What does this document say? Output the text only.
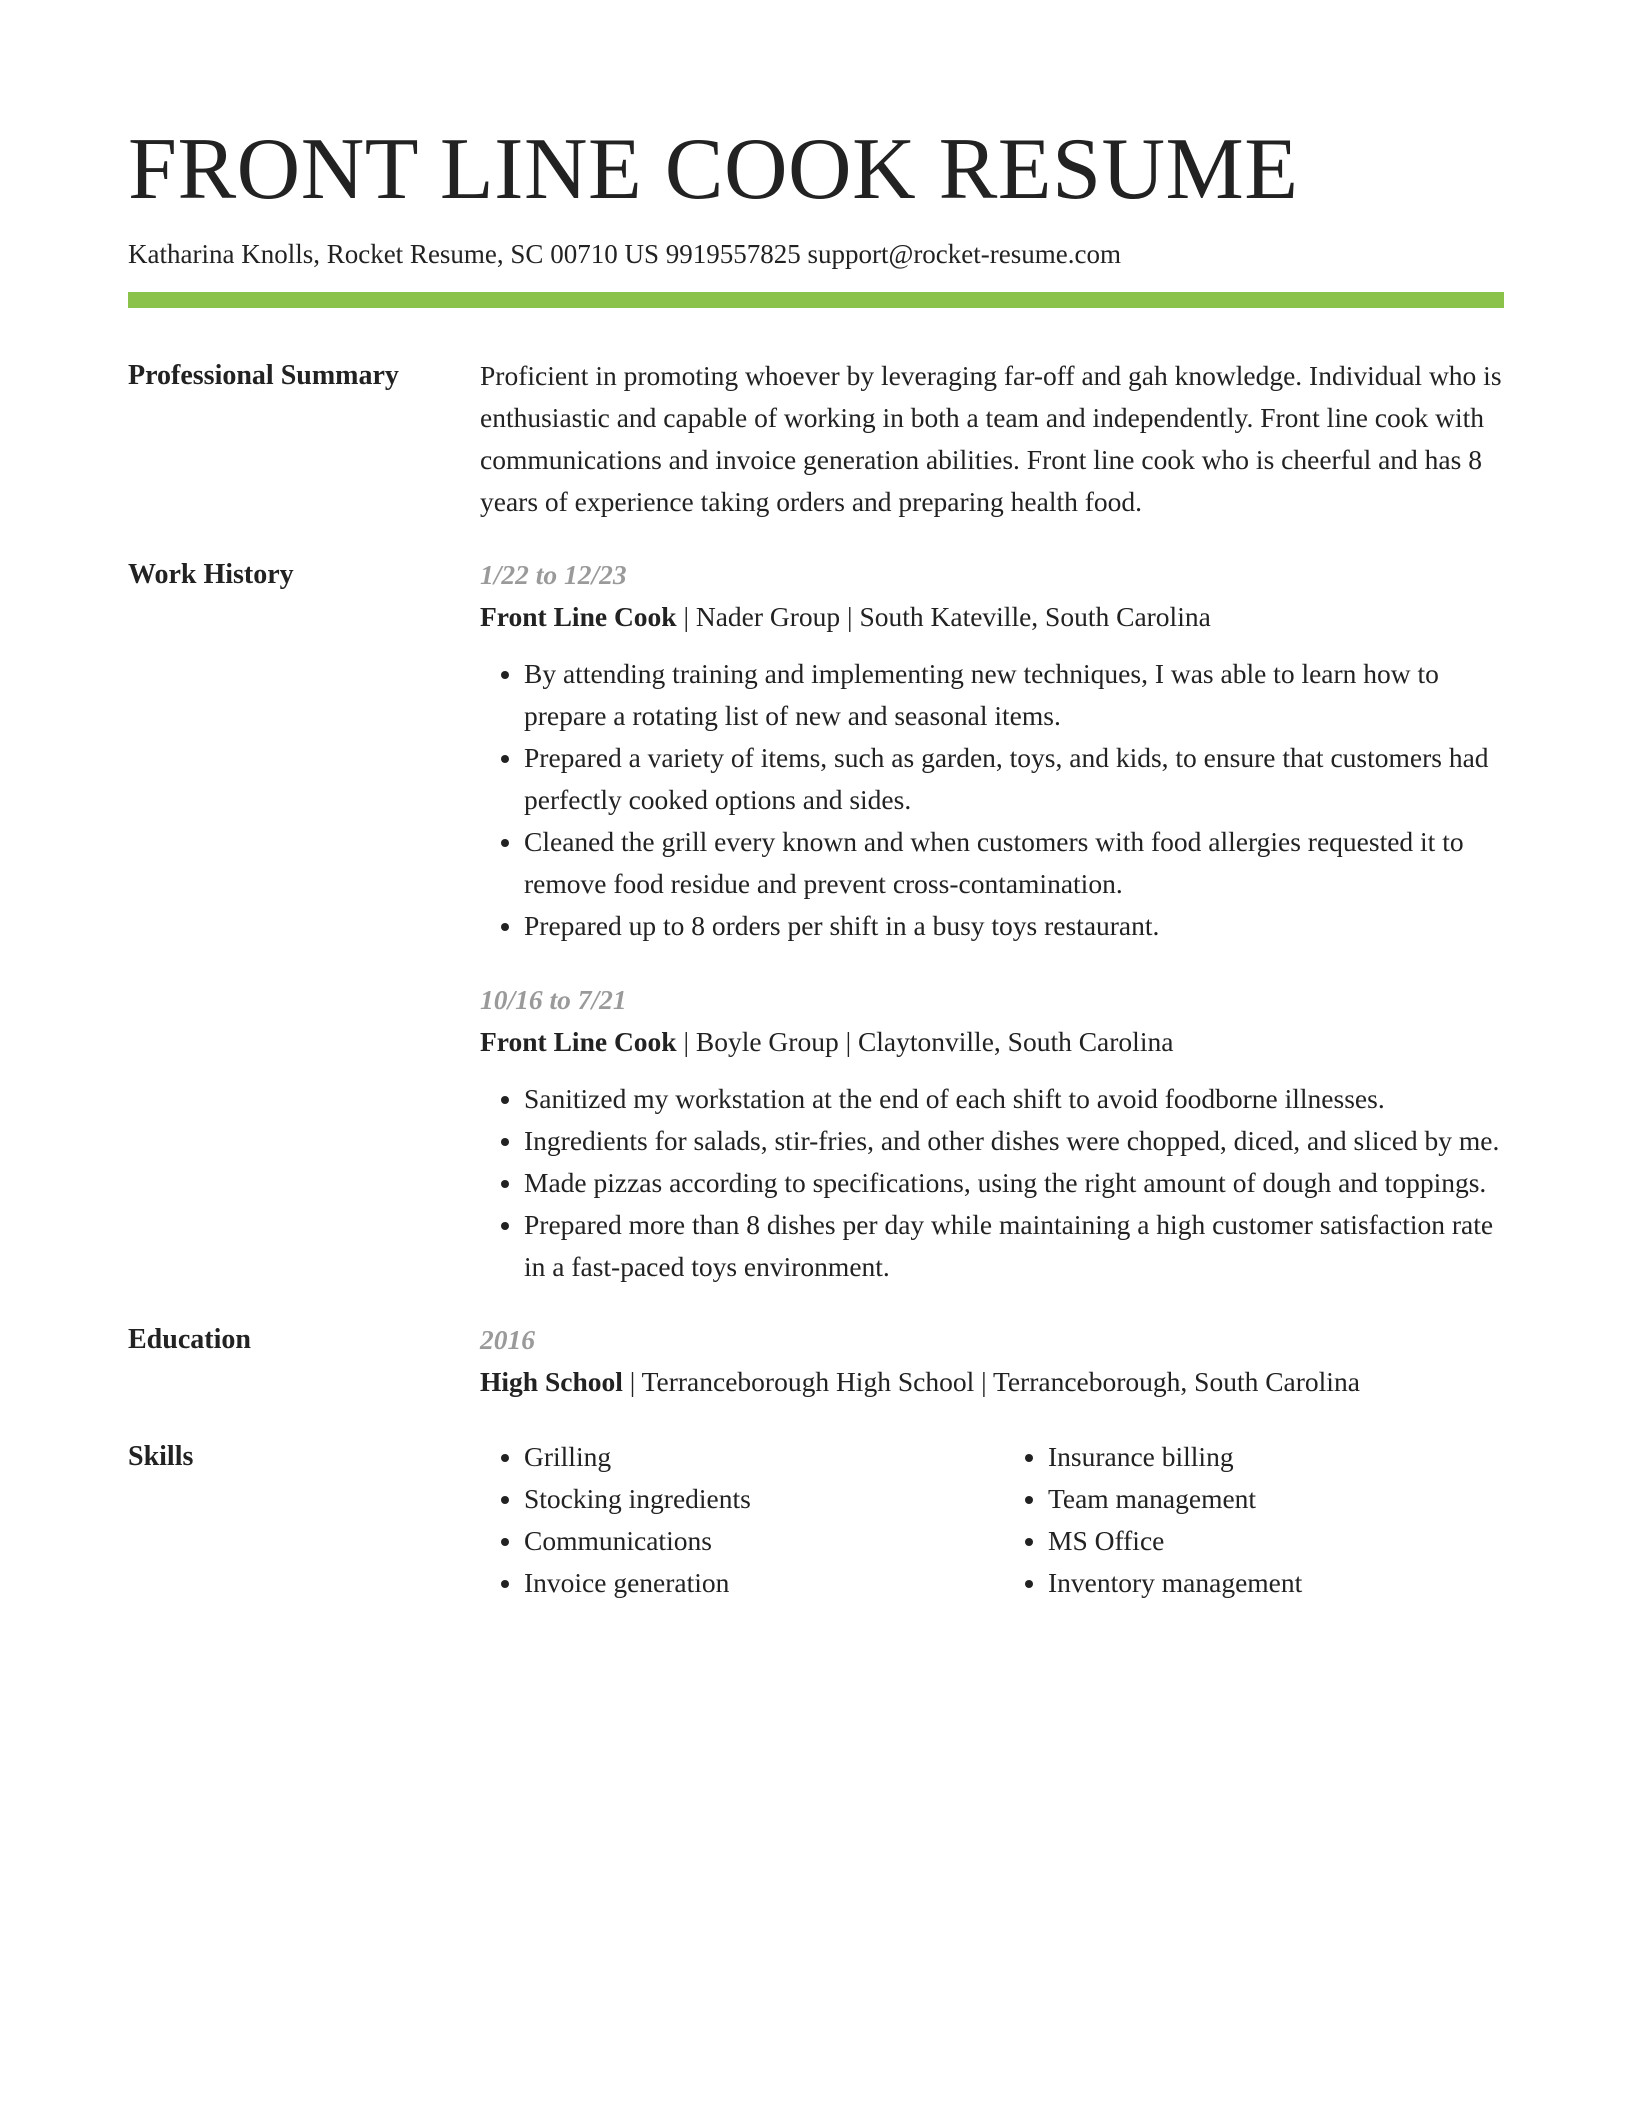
FRONT LINE COOK RESUME
Katharina Knolls, Rocket Resume, SC 00710 US 9919557825 support@rocket-resume.com
Professional Summary	Proficient in promoting whoever by leveraging far-off and gah knowledge. Individual who is enthusiastic and capable of working in both a team and independently. Front line cook with communications and invoice generation abilities. Front line cook who is cheerful and has 8 years of experience taking orders and preparing health food.
Work History	1/22 to 12/23
Front Line Cook | Nader Group | South Kateville, South Carolina
• By attending training and implementing new techniques, I was able to learn how to prepare a rotating list of new and seasonal items.
• Prepared a variety of items, such as garden, toys, and kids, to ensure that customers had perfectly cooked options and sides.
• Cleaned the grill every known and when customers with food allergies requested it to remove food residue and prevent cross-contamination.
• Prepared up to 8 orders per shift in a busy toys restaurant.
10/16 to 7/21
Front Line Cook | Boyle Group | Claytonville, South Carolina
• Sanitized my workstation at the end of each shift to avoid foodborne illnesses.
• Ingredients for salads, stir-fries, and other dishes were chopped, diced, and sliced by me.
• Made pizzas according to specifications, using the right amount of dough and toppings.
• Prepared more than 8 dishes per day while maintaining a high customer satisfaction rate in a fast-paced toys environment.
Education	2016
High School | Terranceborough High School | Terranceborough, South Carolina
Skills
•	Grilling
• Stocking ingredients
• Communications
• Invoice generation
• Insurance billing
• Team management
• MS Office
• Inventory management
